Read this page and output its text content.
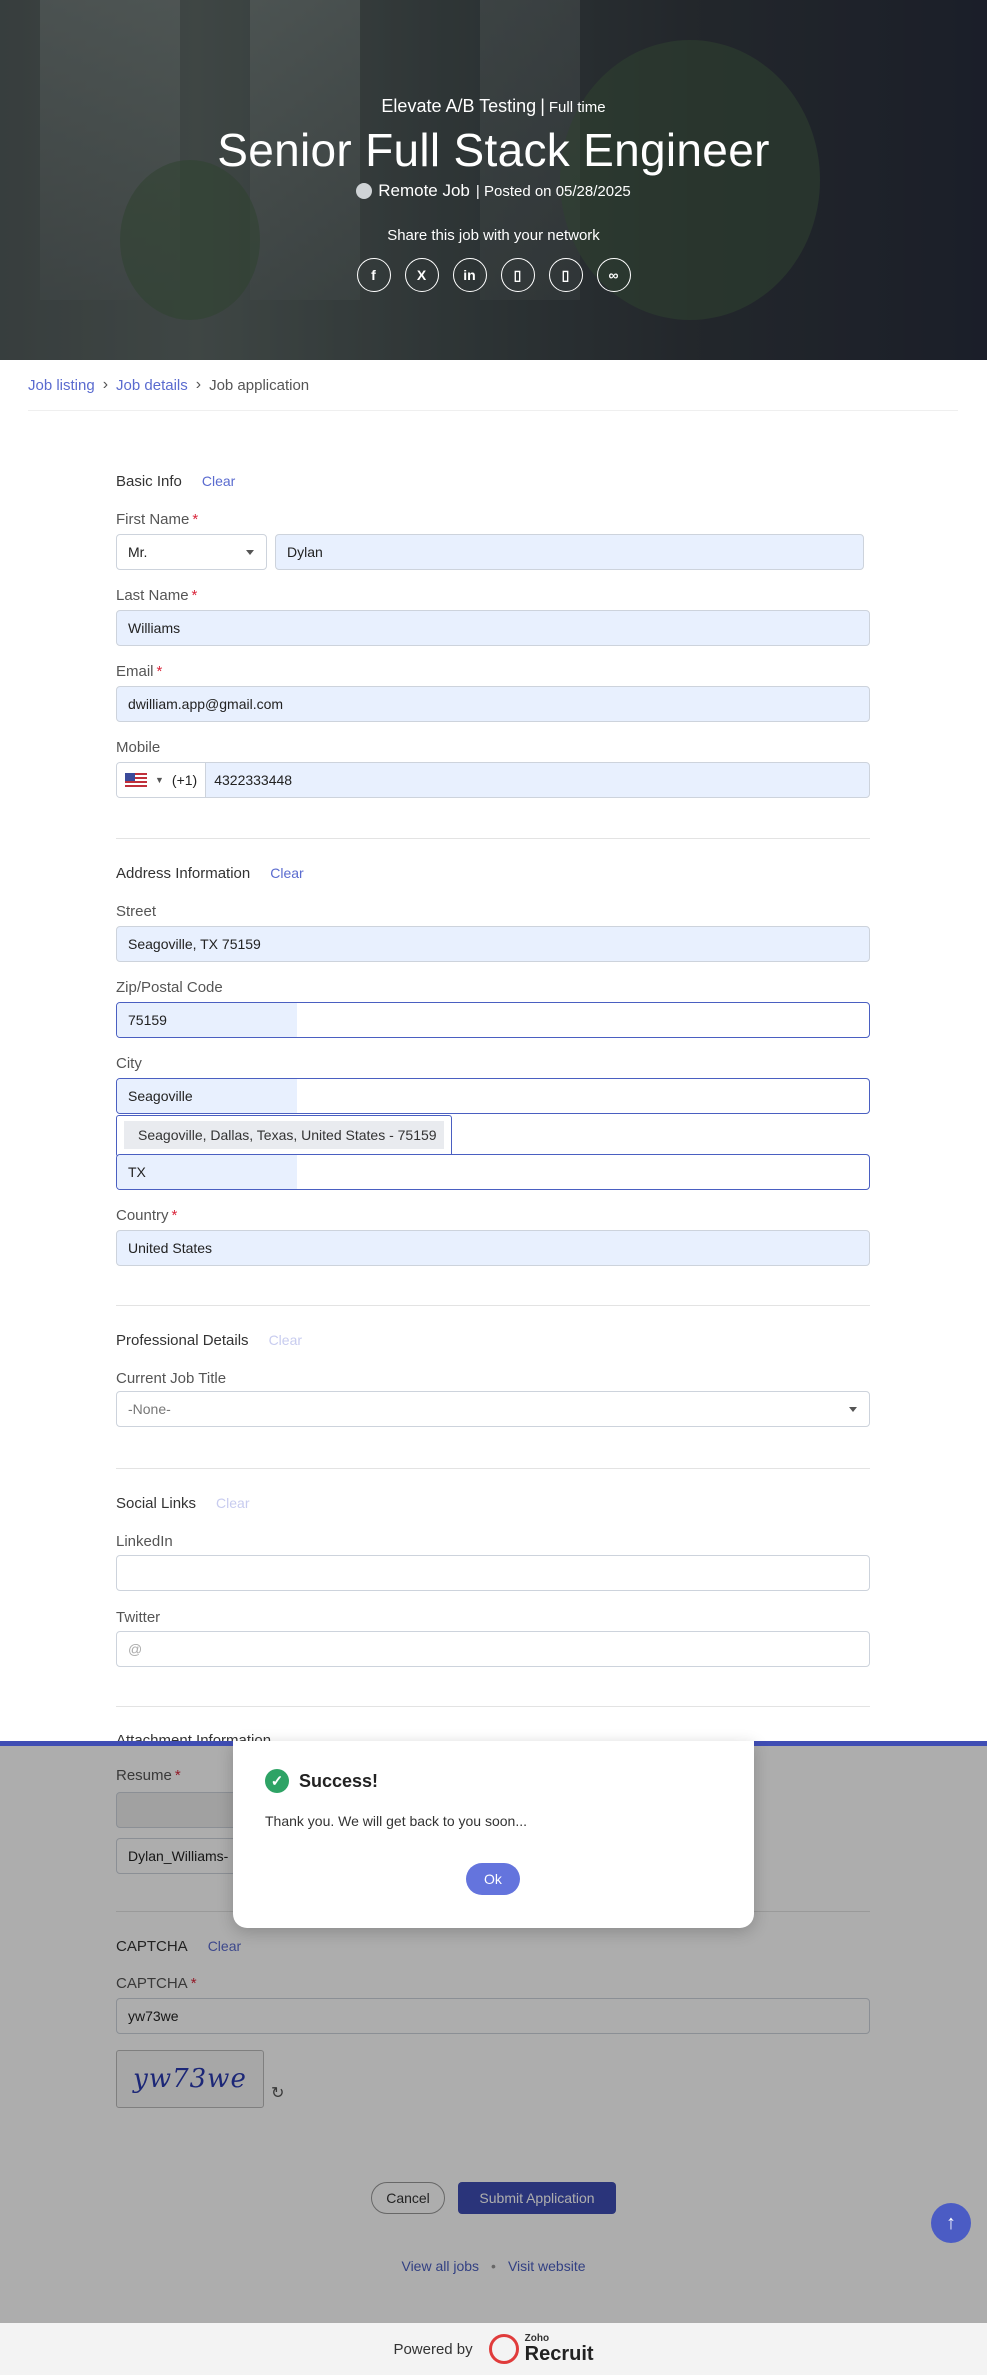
Elevate A/B Testing | Full time
Senior Full Stack Engineer
Remote Job | Posted on 05/28/2025
Share this job with your network
f	X	in	▯	▯	∞
Job listing › Job details › Job application
Basic Info Clear
First Name *
Mr.	Dylan
Last Name *
Williams
Email *
dwilliam.app@gmail.com
Mobile
▼ (+1)	4322333448
Address Information Clear
Street
Seagoville, TX 75159
Zip/Postal Code
75159
City
Seagoville
Seagoville, Dallas, Texas, United States - 75159
TX
Country *
United States
Professional Details Clear
Current Job Title
-None-
Social Links Clear
LinkedIn
Twitter
@
Resume *
Dylan_Williams-
CAPTCHA Clear
CAPTCHA *
yw73we
yw73we	↻
Cancel	Submit Application
View all jobs • Visit website
↑
✓ Success!
Thank you. We will get back to you soon...
Ok
Powered by
Zoho
Recruit
